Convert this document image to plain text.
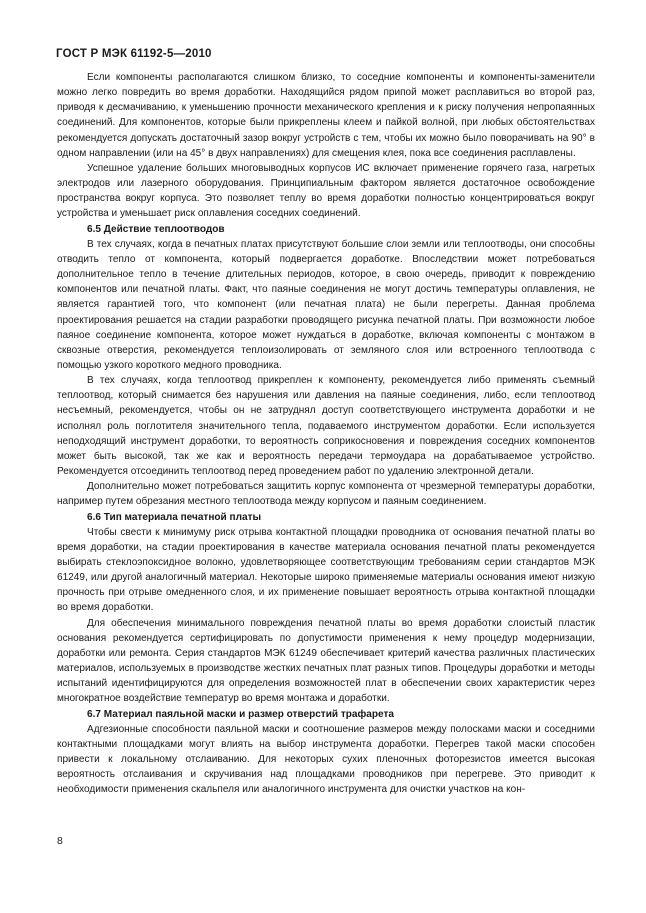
ГОСТ Р МЭК 61192-5—2010

Если компоненты располагаются слишком близко, то соседние компоненты и компоненты-заменители можно легко повредить во время доработки. Находящийся рядом припой может расплавиться во второй раз, приводя к десмачиванию, к уменьшению прочности механического крепления и к риску получения непропаянных соединений. Для компонентов, которые были прикреплены клеем и пайкой волной, при любых обстоятельствах рекомендуется допускать достаточный зазор вокруг устройств с тем, чтобы их можно было поворачивать на 90° в одном направлении (или на 45° в двух направлениях) для смещения клея, пока все соединения расплавлены.

Успешное удаление больших многовыводных корпусов ИС включает применение горячего газа, нагретых электродов или лазерного оборудования. Принципиальным фактором является достаточное освобождение пространства вокруг корпуса. Это позволяет теплу во время доработки полностью концентрироваться вокруг устройства и уменьшает риск оплавления соседних соединений.

6.5 Действие теплоотводов

В тех случаях, когда в печатных платах присутствуют большие слои земли или теплоотводы, они способны отводить тепло от компонента, который подвергается доработке. Впоследствии может потребоваться дополнительное тепло в течение длительных периодов, которое, в свою очередь, приводит к повреждению компонентов или печатной платы. Факт, что паяные соединения не могут достичь температуры оплавления, не является гарантией того, что компонент (или печатная плата) не были перегреты. Данная проблема проектирования решается на стадии разработки проводящего рисунка печатной платы. При возможности любое паяное соединение компонента, которое может нуждаться в доработке, включая компоненты с монтажом в сквозные отверстия, рекомендуется теплоизолировать от земляного слоя или встроенного теплоотвода с помощью узкого короткого медного проводника.

В тех случаях, когда теплоотвод прикреплен к компоненту, рекомендуется либо применять съемный теплоотвод, который снимается без нарушения или давления на паяные соединения, либо, если теплоотвод несъемный, рекомендуется, чтобы он не затруднял доступ соответствующего инструмента доработки и не исполнял роль поглотителя значительного тепла, подаваемого инструментом доработки. Если используется неподходящий инструмент доработки, то вероятность соприкосновения и повреждения соседних компонентов может быть высокой, так же как и вероятность передачи термоудара на дорабатываемое устройство. Рекомендуется отсоединить теплоотвод перед проведением работ по удалению электронной детали.

Дополнительно может потребоваться защитить корпус компонента от чрезмерной температуры доработки, например путем обрезания местного теплоотвода между корпусом и паяным соединением.

6.6 Тип материала печатной платы

Чтобы свести к минимуму риск отрыва контактной площадки проводника от основания печатной платы во время доработки, на стадии проектирования в качестве материала основания печатной платы рекомендуется выбирать стеклоэпоксидное волокно, удовлетворяющее соответствующим требованиям серии стандартов МЭК 61249, или другой аналогичный материал. Некоторые широко применяемые материалы основания имеют низкую прочность при отрыве омедненного слоя, и их применение повышает вероятность отрыва контактной площадки во время доработки.

Для обеспечения минимального повреждения печатной платы во время доработки слоистый пластик основания рекомендуется сертифицировать по допустимости применения к нему процедур модернизации, доработки или ремонта. Серия стандартов МЭК 61249 обеспечивает критерий качества различных пластических материалов, используемых в производстве жестких печатных плат разных типов. Процедуры доработки и методы испытаний идентифицируются для определения возможностей плат в обеспечении своих характеристик через многократное воздействие температур во время монтажа и доработки.

6.7 Материал паяльной маски и размер отверстий трафарета

Адгезионные способности паяльной маски и соотношение размеров между полосками маски и соседними контактными площадками могут влиять на выбор инструмента доработки. Перегрев такой маски способен привести к локальному отслаиванию. Для некоторых сухих пленочных фоторезистов имеется высокая вероятность отслаивания и скручивания над площадками проводников при перегреве. Это приводит к необходимости применения скальпеля или аналогичного инструмента для очистки участков на кон-

8
